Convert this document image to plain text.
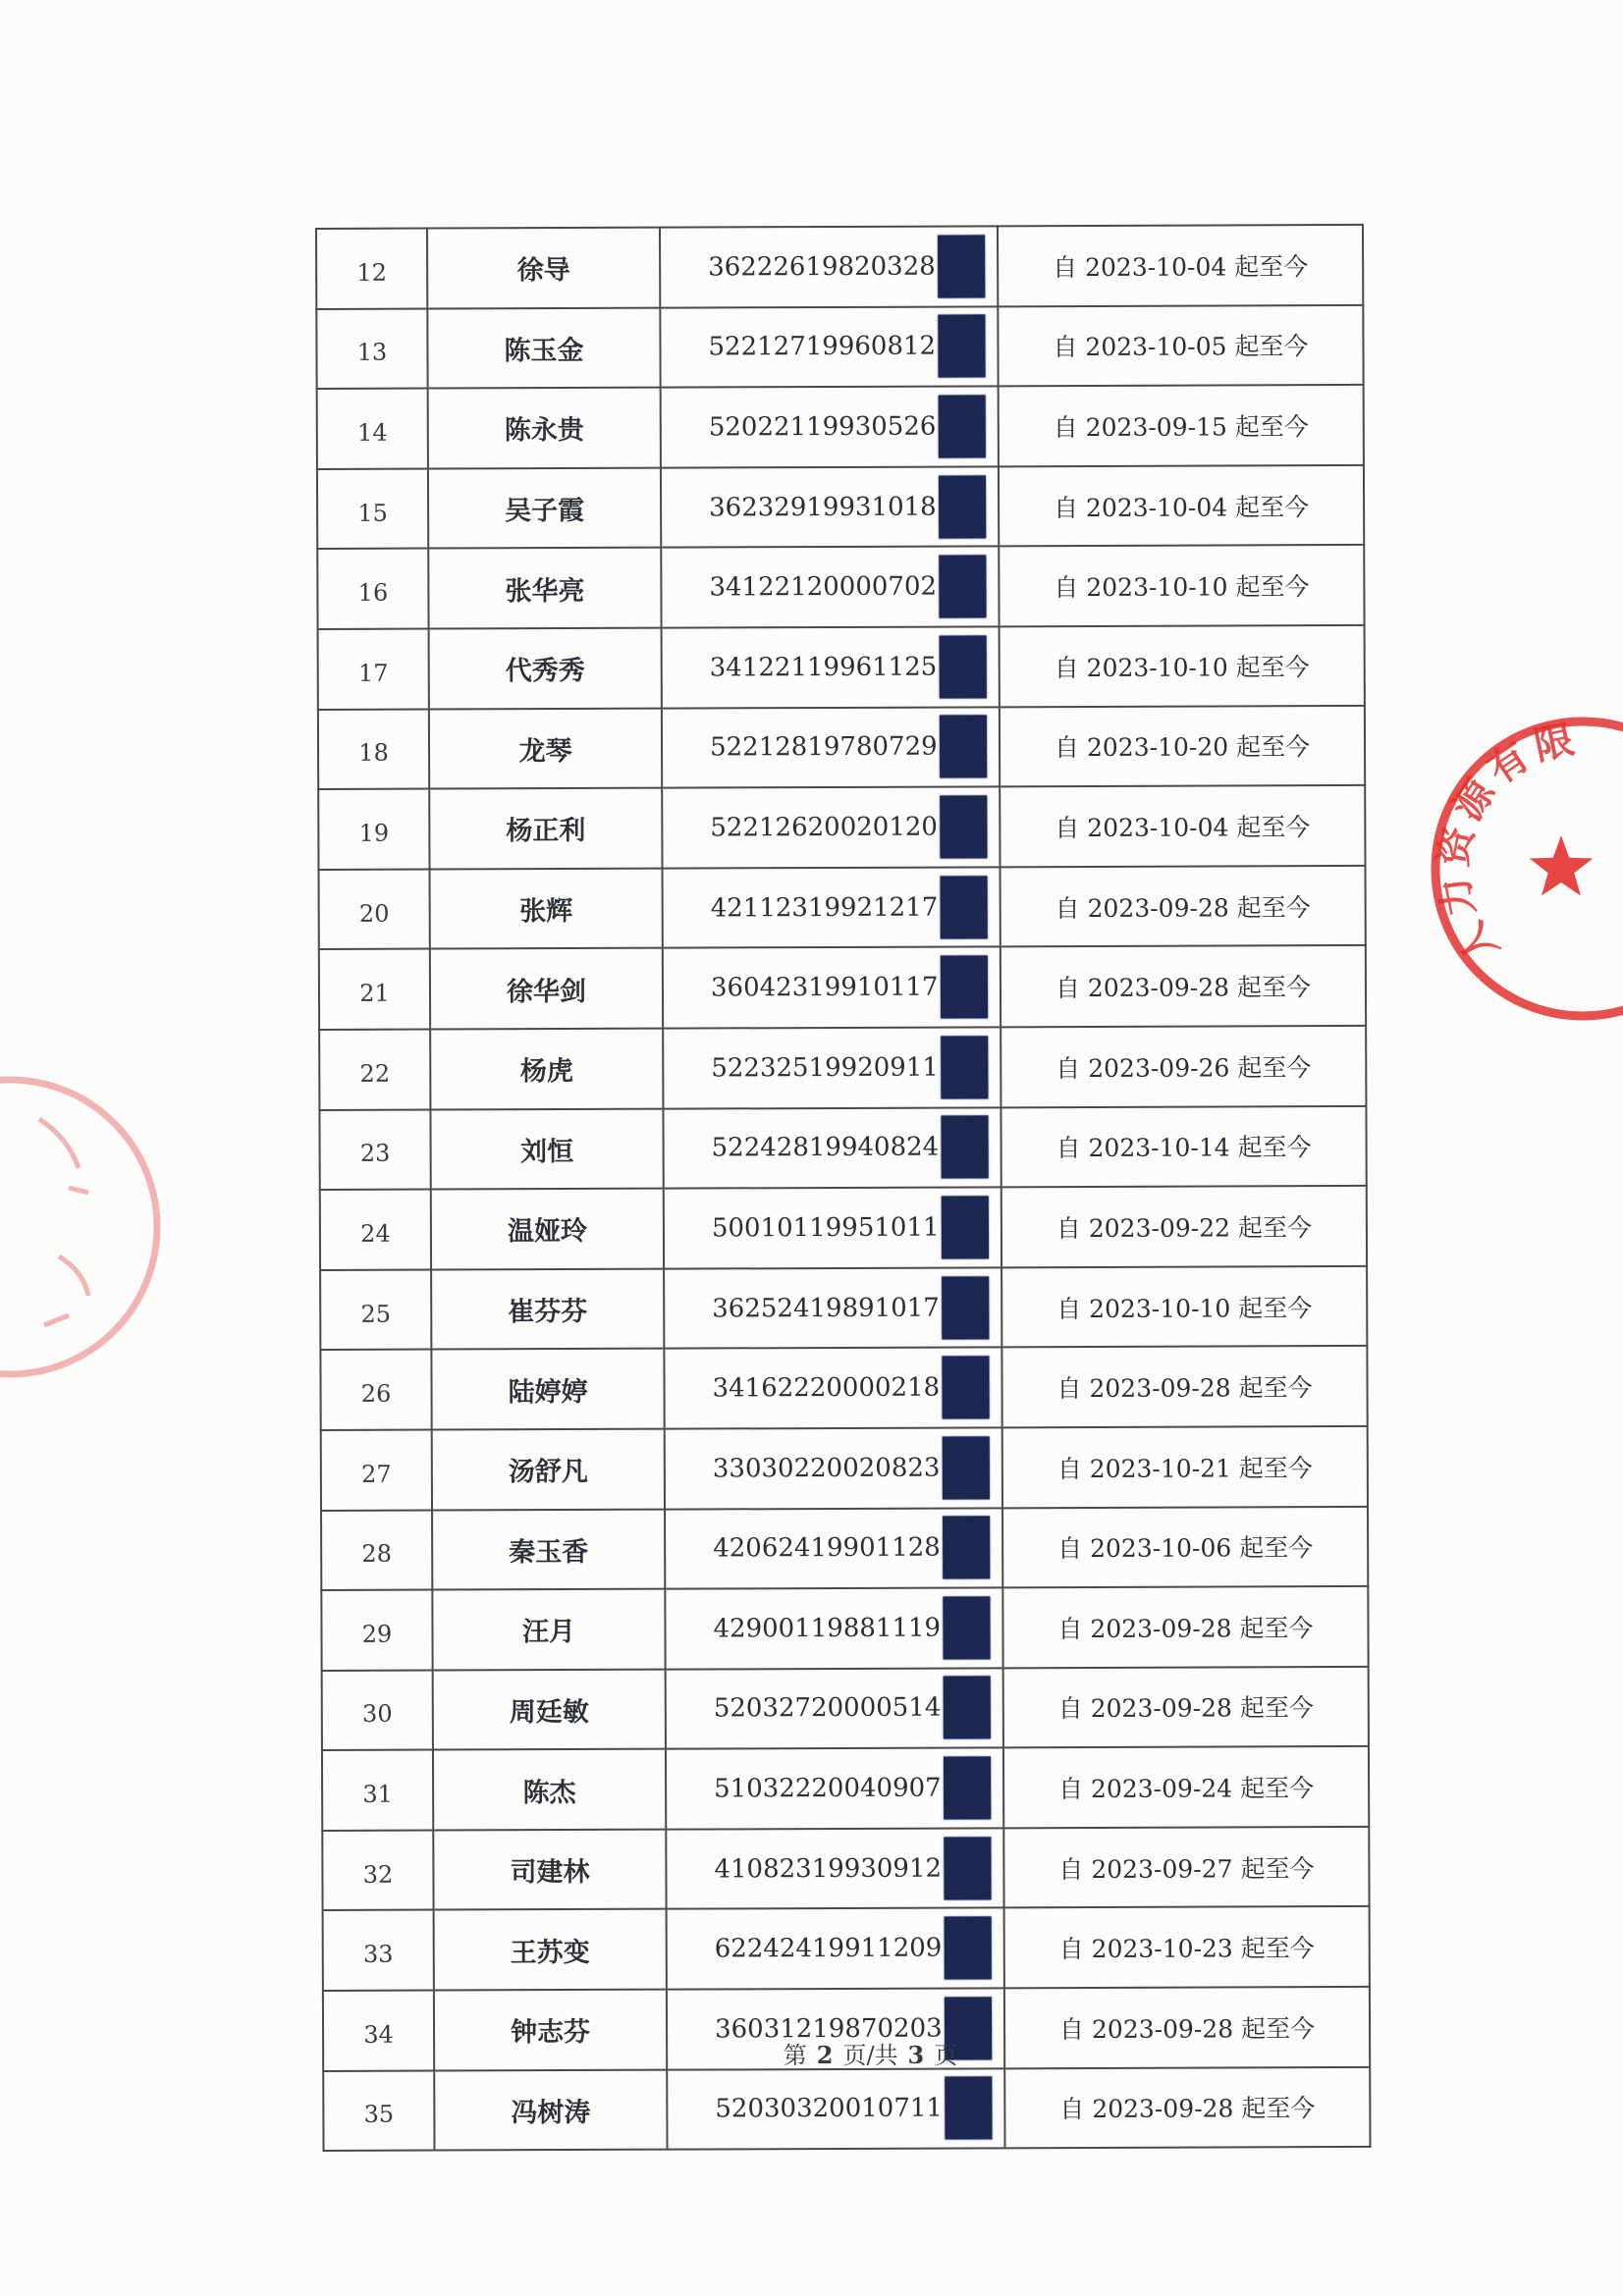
12	徐导	36222619820328	自 2023-10-04 起至今
13	陈玉金	52212719960812	自 2023-10-05 起至今
14	陈永贵	52022119930526	自 2023-09-15 起至今
15	吴子霞	36232919931018	自 2023-10-04 起至今
16	张华亮	34122120000702	自 2023-10-10 起至今
17	代秀秀	34122119961125	自 2023-10-10 起至今
18	龙琴	52212819780729	自 2023-10-20 起至今
19	杨正利	52212620020120	自 2023-10-04 起至今
20	张辉	42112319921217	自 2023-09-28 起至今
21	徐华剑	36042319910117	自 2023-09-28 起至今
22	杨虎	52232519920911	自 2023-09-26 起至今
23	刘恒	52242819940824	自 2023-10-14 起至今
24	温娅玲	50010119951011	自 2023-09-22 起至今
25	崔芬芬	36252419891017	自 2023-10-10 起至今
26	陆婷婷	34162220000218	自 2023-09-28 起至今
27	汤舒凡	33030220020823	自 2023-10-21 起至今
28	秦玉香	42062419901128	自 2023-10-06 起至今
29	汪月	42900119881119	自 2023-09-28 起至今
30	周廷敏	52032720000514	自 2023-09-28 起至今
31	陈杰	51032220040907	自 2023-09-24 起至今
32	司建林	41082319930912	自 2023-09-27 起至今
33	王苏变	62242419911209	自 2023-10-23 起至今
34	钟志芬	36031219870203	自 2023-09-28 起至今
35	冯树涛	52030320010711	自 2023-09-28 起至今
第 2 页/共 3 页
人力资源有限
